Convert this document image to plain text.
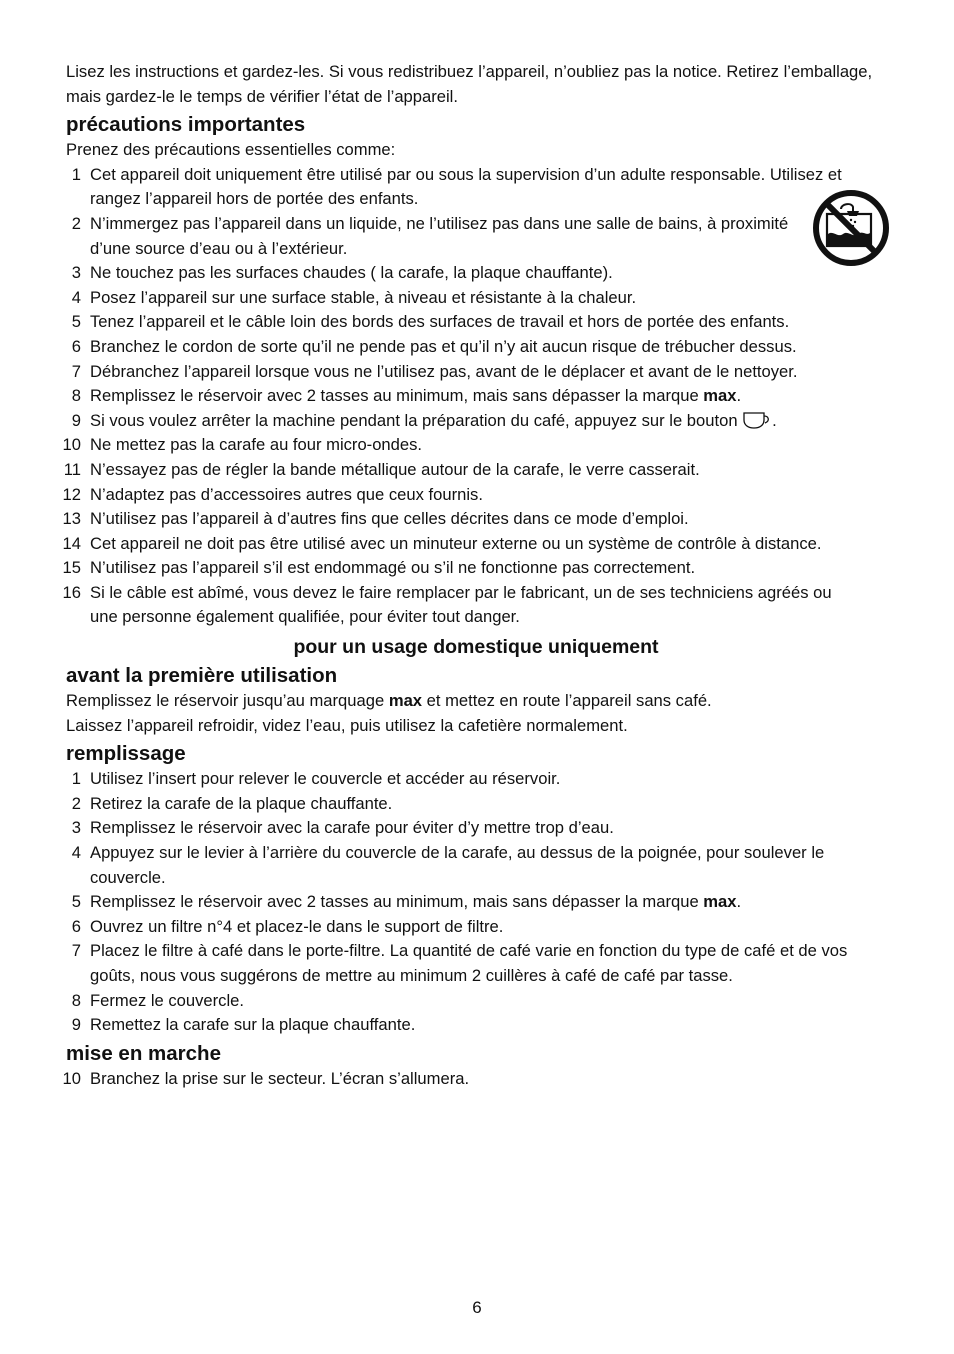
Lisez les instructions et gardez-les. Si vous redistribuez l’appareil, n’oubliez pas la notice. Retirez l’emballage, mais gardez-le le temps de vérifier l’état de l’appareil.

précautions importantes

Prenez des précautions essentielles comme:

1 Cet appareil doit uniquement être utilisé par ou sous la supervision d’un adulte responsable. Utilisez et rangez l’appareil hors de portée des enfants.
2 N’immergez pas l’appareil dans un liquide, ne l’utilisez pas dans une salle de bains, à proximité d’une source d’eau ou à l’extérieur.
3 Ne touchez pas les surfaces chaudes ( la carafe, la plaque chauffante).
4 Posez l’appareil sur une surface stable, à niveau et résistante à la chaleur.
5 Tenez l’appareil et le câble loin des bords des surfaces de travail et hors de portée des enfants.
6 Branchez le cordon de sorte qu’il ne pende pas et qu’il n’y ait aucun risque de trébucher dessus.
7 Débranchez l’appareil lorsque vous ne l’utilisez pas, avant de le déplacer et avant de le nettoyer.
8 Remplissez le réservoir avec 2 tasses au minimum, mais sans dépasser la marque max.
9 Si vous voulez arrêter la machine pendant la préparation du café, appuyez sur le bouton .
10 Ne mettez pas la carafe au four micro-ondes.
11 N’essayez pas de régler la bande métallique autour de la carafe, le verre casserait.
12 N’adaptez pas d’accessoires autres que ceux fournis.
13 N’utilisez pas l’appareil à d’autres fins que celles décrites dans ce mode d’emploi.
14 Cet appareil ne doit pas être utilisé avec un minuteur externe ou un système de contrôle à distance.
15 N’utilisez pas l’appareil s’il est endommagé ou s’il ne fonctionne pas correctement.
16 Si le câble est abîmé, vous devez le faire remplacer par le fabricant, un de ses techniciens agréés ou une personne également qualifiée, pour éviter tout danger.
pour un usage domestique uniquement
avant la première utilisation

Remplissez le réservoir jusqu’au marquage max et mettez en route l’appareil sans café.

Laissez l’appareil refroidir, videz l’eau, puis utilisez la cafetière normalement.

remplissage
1 Utilisez l’insert pour relever le couvercle et accéder au réservoir.
2 Retirez la carafe de la plaque chauffante.
3 Remplissez le réservoir avec la carafe pour éviter d’y mettre trop d’eau.
4 Appuyez sur le levier à l’arrière du couvercle de la carafe, au dessus de la poignée, pour soulever le couvercle.
5 Remplissez le réservoir avec 2 tasses au minimum, mais sans dépasser la marque max.
6 Ouvrez un filtre n°4 et placez-le dans le support de filtre.
7 Placez le filtre à café dans le porte-filtre. La quantité de café varie en fonction du type de café et de vos goûts, nous vous suggérons de mettre au minimum 2 cuillères à café de café par tasse.
8 Fermez le couvercle.
9 Remettez la carafe sur la plaque chauffante.
mise en marche
10 Branchez la prise sur le secteur. L’écran s’allumera.
6
